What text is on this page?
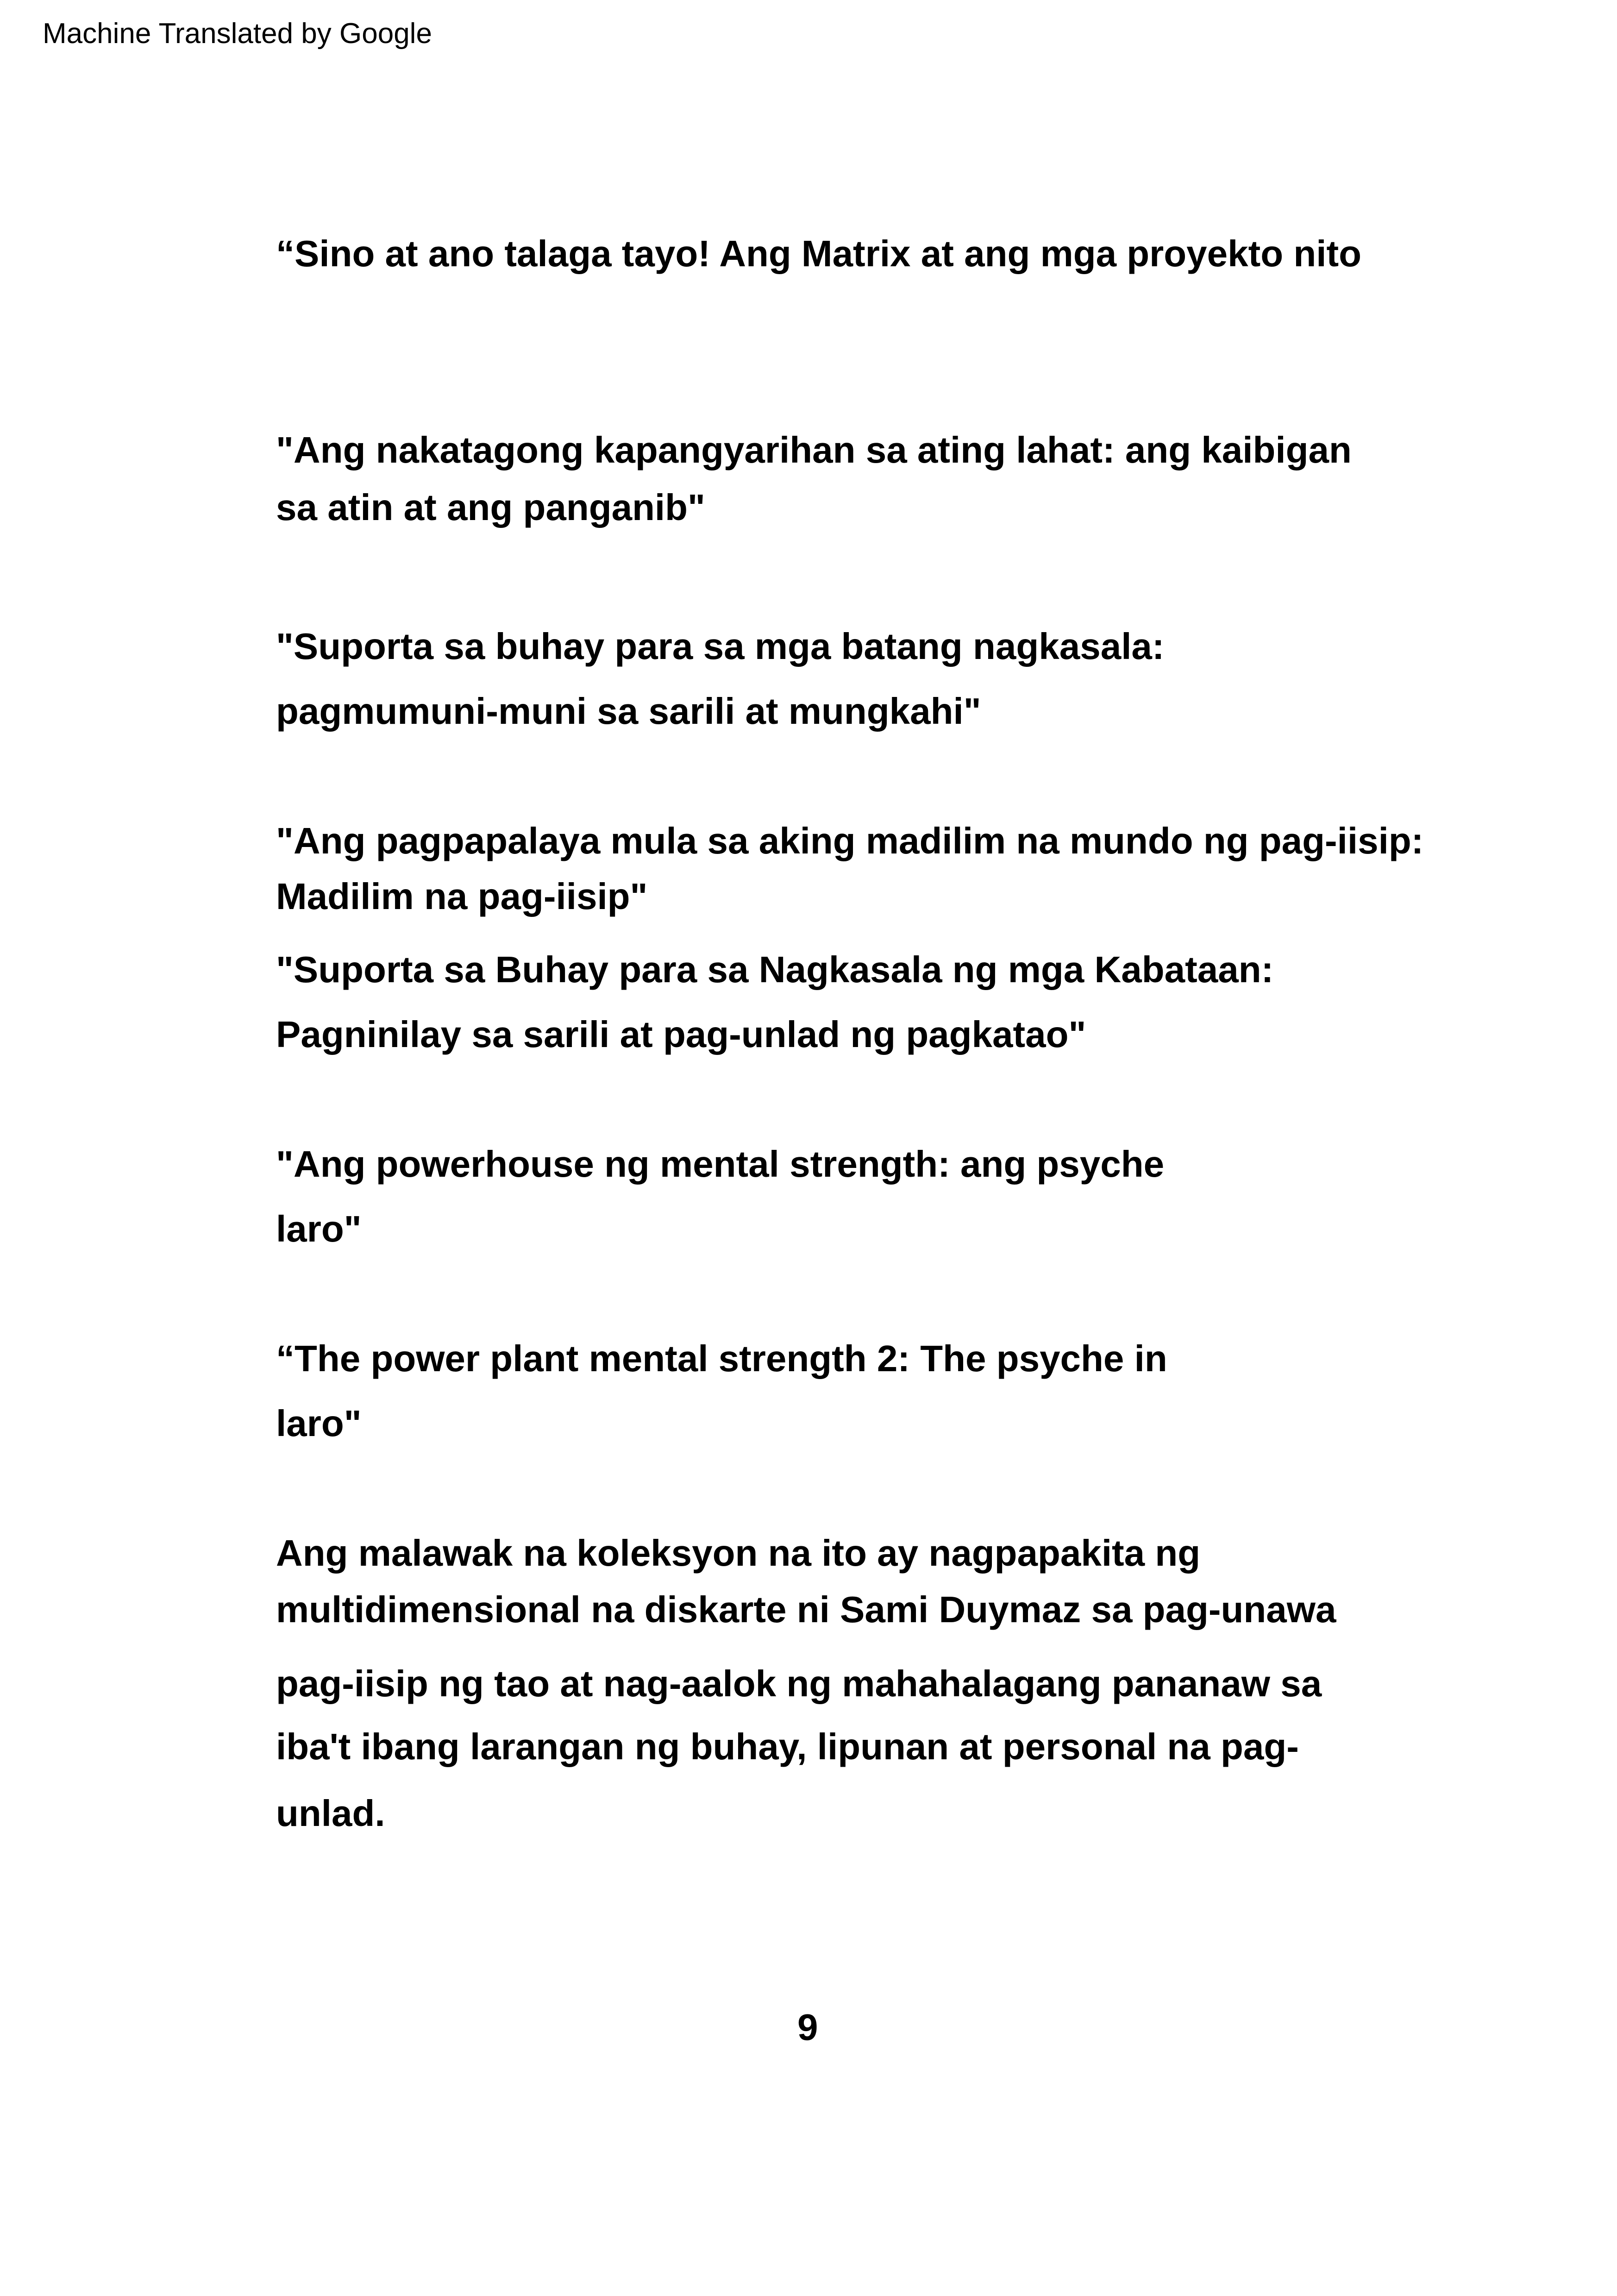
Machine Translated by Google
“Sino at ano talaga tayo! Ang Matrix at ang mga proyekto nito
"Ang nakatagong kapangyarihan sa ating lahat: ang kaibigan
sa atin at ang panganib"
"Suporta sa buhay para sa mga batang nagkasala:
pagmumuni-muni sa sarili at mungkahi"
"Ang pagpapalaya mula sa aking madilim na mundo ng pag-iisip:
Madilim na pag-iisip"
"Suporta sa Buhay para sa Nagkasala ng mga Kabataan:
Pagninilay sa sarili at pag-unlad ng pagkatao"
"Ang powerhouse ng mental strength: ang psyche
laro"
“The power plant mental strength 2: The psyche in
laro"
Ang malawak na koleksyon na ito ay nagpapakita ng
multidimensional na diskarte ni Sami Duymaz sa pag-unawa
pag-iisip ng tao at nag-aalok ng mahahalagang pananaw sa
iba't ibang larangan ng buhay, lipunan at personal na pag-
unlad.
9
